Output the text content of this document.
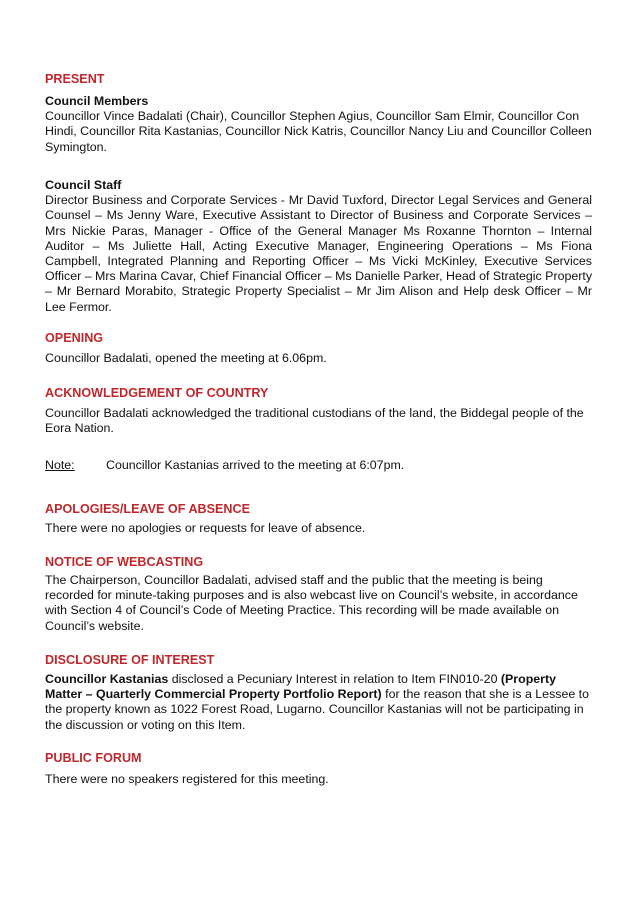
PRESENT

Council Members

Councillor Vince Badalati (Chair), Councillor Stephen Agius, Councillor Sam Elmir, Councillor Con Hindi, Councillor Rita Kastanias, Councillor Nick Katris, Councillor Nancy Liu and Councillor Colleen Symington.

Council Staff

Director Business and Corporate Services - Mr David Tuxford, Director Legal Services and General Counsel – Ms Jenny Ware, Executive Assistant to Director of Business and Corporate Services – Mrs Nickie Paras, Manager - Office of the General Manager Ms Roxanne Thornton – Internal Auditor – Ms Juliette Hall, Acting Executive Manager, Engineering Operations – Ms Fiona Campbell, Integrated Planning and Reporting Officer – Ms Vicki McKinley, Executive Services Officer – Mrs Marina Cavar, Chief Financial Officer – Ms Danielle Parker, Head of Strategic Property – Mr Bernard Morabito, Strategic Property Specialist – Mr Jim Alison and Help desk Officer – Mr Lee Fermor.

OPENING

Councillor Badalati, opened the meeting at 6.06pm.

ACKNOWLEDGEMENT OF COUNTRY

Councillor Badalati acknowledged the traditional custodians of the land, the Biddegal people of the Eora Nation.

Note:	Councillor Kastanias arrived to the meeting at 6:07pm.
APOLOGIES/LEAVE OF ABSENCE

There were no apologies or requests for leave of absence.

NOTICE OF WEBCASTING

The Chairperson, Councillor Badalati, advised staff and the public that the meeting is being recorded for minute-taking purposes and is also webcast live on Council’s website, in accordance with Section 4 of Council’s Code of Meeting Practice. This recording will be made available on Council’s website.

DISCLOSURE OF INTEREST

Councillor Kastanias disclosed a Pecuniary Interest in relation to Item FIN010-20 (Property Matter – Quarterly Commercial Property Portfolio Report) for the reason that she is a Lessee to the property known as 1022 Forest Road, Lugarno. Councillor Kastanias will not be participating in the discussion or voting on this Item.

PUBLIC FORUM

There were no speakers registered for this meeting.
